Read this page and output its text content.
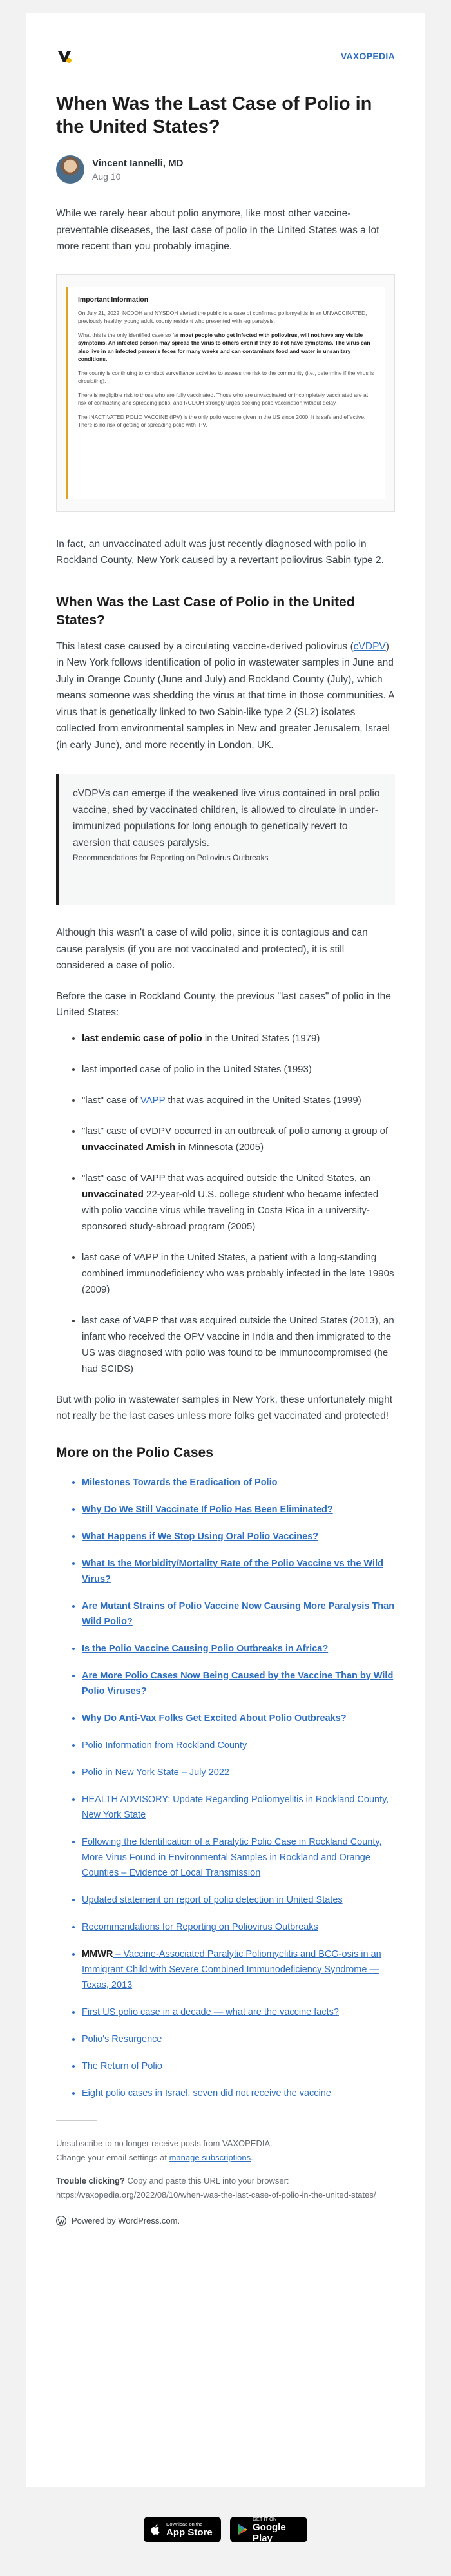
VAXOPEDIA
When Was the Last Case of Polio in the United States?
Vincent Iannelli, MD
Aug 10

While we rarely hear about polio anymore, like most other vaccine-preventable diseases, the last case of polio in the United States was a lot more recent than you probably imagine.

Important Information

On July 21, 2022, NCDOH and NYSDOH alerted the public to a case of confirmed poliomyelitis in an UNVACCINATED, previously healthy, young adult, county resident who presented with leg paralysis.

What this is the only identified case so far most people who get infected with poliovirus, will not have any visible symptoms. An infected person may spread the virus to others even if they do not have symptoms. The virus can also live in an infected person's feces for many weeks and can contaminate food and water in unsanitary conditions.

The county is continuing to conduct surveillance activities to assess the risk to the community (i.e., determine if the virus is circulating).

There is negligible risk to those who are fully vaccinated. Those who are unvaccinated or incompletely vaccinated are at risk of contracting and spreading polio, and RCDOH strongly urges seeking polio vaccination without delay.

The INACTIVATED POLIO VACCINE (IPV) is the only polio vaccine given in the US since 2000. It is safe and effective. There is no risk of getting or spreading polio with IPV.

In fact, an unvaccinated adult was just recently diagnosed with polio in Rockland County, New York caused by a revertant poliovirus Sabin type 2.

When Was the Last Case of Polio in the United States?

This latest case caused by a circulating vaccine-derived poliovirus (cVDPV) in New York follows identification of polio in wastewater samples in June and July in Orange County (June and July) and Rockland County (July), which means someone was shedding the virus at that time in those communities. A virus that is genetically linked to two Sabin-like type 2 (SL2) isolates collected from environmental samples in New and greater Jerusalem, Israel (in early June), and more recently in London, UK.

cVDPVs can emerge if the weakened live virus contained in oral polio vaccine, shed by vaccinated children, is allowed to circulate in under-immunized populations for long enough to genetically revert to aversion that causes paralysis.
Recommendations for Reporting on Poliovirus Outbreaks

Although this wasn't a case of wild polio, since it is contagious and can cause paralysis (if you are not vaccinated and protected), it is still considered a case of polio.

Before the case in Rockland County, the previous "last cases" of polio in the United States:

• last endemic case of polio in the United States (1979)
• last imported case of polio in the United States (1993)
• "last" case of VAPP that was acquired in the United States (1999)
• "last" case of cVDPV occurred in an outbreak of polio among a group of unvaccinated Amish in Minnesota (2005)
• "last" case of VAPP that was acquired outside the United States, an unvaccinated 22-year-old U.S. college student who became infected with polio vaccine virus while traveling in Costa Rica in a university-sponsored study-abroad program (2005)
• last case of VAPP in the United States, a patient with a long-standing combined immunodeficiency who was probably infected in the late 1990s (2009)
• last case of VAPP that was acquired outside the United States (2013), an infant who received the OPV vaccine in India and then immigrated to the US was diagnosed with polio was found to be immunocompromised (he had SCIDS)

But with polio in wastewater samples in New York, these unfortunately might not really be the last cases unless more folks get vaccinated and protected!

More on the Polio Cases
• Milestones Towards the Eradication of Polio
• Why Do We Still Vaccinate If Polio Has Been Eliminated?
• What Happens if We Stop Using Oral Polio Vaccines?
• What Is the Morbidity/Mortality Rate of the Polio Vaccine vs the Wild Virus?
• Are Mutant Strains of Polio Vaccine Now Causing More Paralysis Than Wild Polio?
• Is the Polio Vaccine Causing Polio Outbreaks in Africa?
• Are More Polio Cases Now Being Caused by the Vaccine Than by Wild Polio Viruses?
• Why Do Anti-Vax Folks Get Excited About Polio Outbreaks?
• Polio Information from Rockland County
• Polio in New York State – July 2022
• HEALTH ADVISORY: Update Regarding Poliomyelitis in Rockland County, New York State
• Following the Identification of a Paralytic Polio Case in Rockland County, More Virus Found in Environmental Samples in Rockland and Orange Counties – Evidence of Local Transmission
• Updated statement on report of polio detection in United States
• Recommendations for Reporting on Poliovirus Outbreaks
• MMWR – Vaccine-Associated Paralytic Poliomyelitis and BCG-osis in an Immigrant Child with Severe Combined Immunodeficiency Syndrome — Texas, 2013
• First US polio case in a decade — what are the vaccine facts?
• Polio's Resurgence
• The Return of Polio
• Eight polio cases in Israel, seven did not receive the vaccine
Unsubscribe to no longer receive posts from VAXOPEDIA.
Change your email settings at manage subscriptions.
Trouble clicking? Copy and paste this URL into your browser: https://vaxopedia.org/2022/08/10/when-was-the-last-case-of-polio-in-the-united-states/
Powered by WordPress.com.
Download on the
App Store
GET IT ON
Google Play
